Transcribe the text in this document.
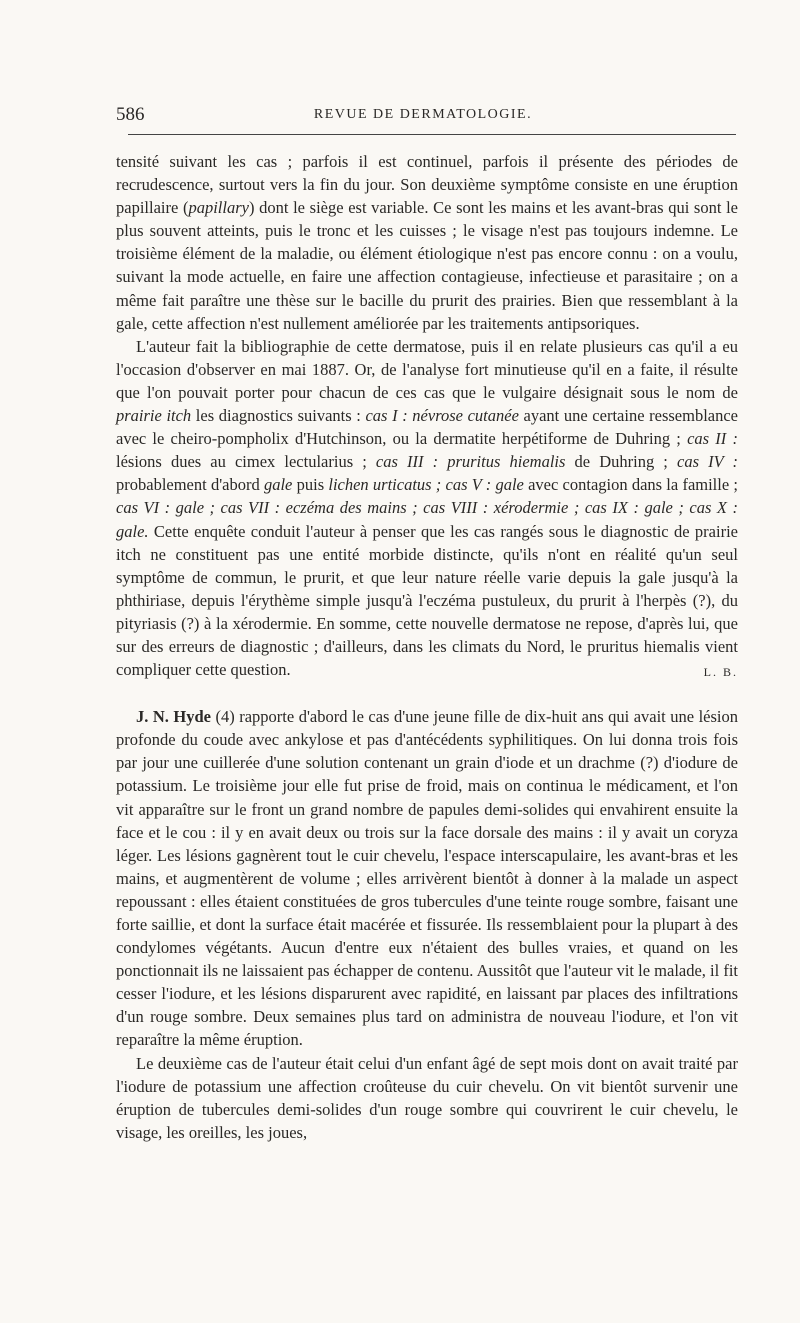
586	REVUE DE DERMATOLOGIE.

tensité suivant les cas ; parfois il est continuel, parfois il présente des périodes de recrudescence, surtout vers la fin du jour. Son deuxième symptôme consiste en une éruption papillaire (papillary) dont le siège est variable. Ce sont les mains et les avant-bras qui sont le plus souvent atteints, puis le tronc et les cuisses ; le visage n'est pas toujours indemne. Le troisième élément de la maladie, ou élément étiologique n'est pas encore connu : on a voulu, suivant la mode actuelle, en faire une affection contagieuse, infectieuse et parasitaire ; on a même fait paraître une thèse sur le bacille du prurit des prairies. Bien que ressemblant à la gale, cette affection n'est nullement améliorée par les traitements antipsoriques.

L'auteur fait la bibliographie de cette dermatose, puis il en relate plusieurs cas qu'il a eu l'occasion d'observer en mai 1887. Or, de l'analyse fort minutieuse qu'il en a faite, il résulte que l'on pouvait porter pour chacun de ces cas que le vulgaire désignait sous le nom de prairie itch les diagnostics suivants : cas I : névrose cutanée ayant une certaine ressemblance avec le cheiro-pompholix d'Hutchinson, ou la dermatite herpétiforme de Duhring ; cas II : lésions dues au cimex lectularius ; cas III : pruritus hiemalis de Duhring ; cas IV : probablement d'abord gale puis lichen urticatus ; cas V : gale avec contagion dans la famille ; cas VI : gale ; cas VII : eczéma des mains ; cas VIII : xérodermie ; cas IX : gale ; cas X : gale. Cette enquête conduit l'auteur à penser que les cas rangés sous le diagnostic de prairie itch ne constituent pas une entité morbide distincte, qu'ils n'ont en réalité qu'un seul symptôme de commun, le prurit, et que leur nature réelle varie depuis la gale jusqu'à la phthiriase, depuis l'érythème simple jusqu'à l'eczéma pustuleux, du prurit à l'herpès (?), du pityriasis (?) à la xérodermie. En somme, cette nouvelle dermatose ne repose, d'après lui, que sur des erreurs de diagnostic ; d'ailleurs, dans les climats du Nord, le pruritus hiemalis vient compliquer cette question.	L. B.

J. N. Hyde (4) rapporte d'abord le cas d'une jeune fille de dix-huit ans qui avait une lésion profonde du coude avec ankylose et pas d'antécédents syphilitiques. On lui donna trois fois par jour une cuillerée d'une solution contenant un grain d'iode et un drachme (?) d'iodure de potassium. Le troisième jour elle fut prise de froid, mais on continua le médicament, et l'on vit apparaître sur le front un grand nombre de papules demi-solides qui envahirent ensuite la face et le cou : il y en avait deux ou trois sur la face dorsale des mains : il y avait un coryza léger. Les lésions gagnèrent tout le cuir chevelu, l'espace interscapulaire, les avant-bras et les mains, et augmentèrent de volume ; elles arrivèrent bientôt à donner à la malade un aspect repoussant : elles étaient constituées de gros tubercules d'une teinte rouge sombre, faisant une forte saillie, et dont la surface était macérée et fissurée. Ils ressemblaient pour la plupart à des condylomes végétants. Aucun d'entre eux n'étaient des bulles vraies, et quand on les ponctionnait ils ne laissaient pas échapper de contenu. Aussitôt que l'auteur vit le malade, il fit cesser l'iodure, et les lésions disparurent avec rapidité, en laissant par places des infiltrations d'un rouge sombre. Deux semaines plus tard on administra de nouveau l'iodure, et l'on vit reparaître la même éruption.

Le deuxième cas de l'auteur était celui d'un enfant âgé de sept mois dont on avait traité par l'iodure de potassium une affection croûteuse du cuir chevelu. On vit bientôt survenir une éruption de tubercules demi-solides d'un rouge sombre qui couvrirent le cuir chevelu, le visage, les oreilles, les joues,
